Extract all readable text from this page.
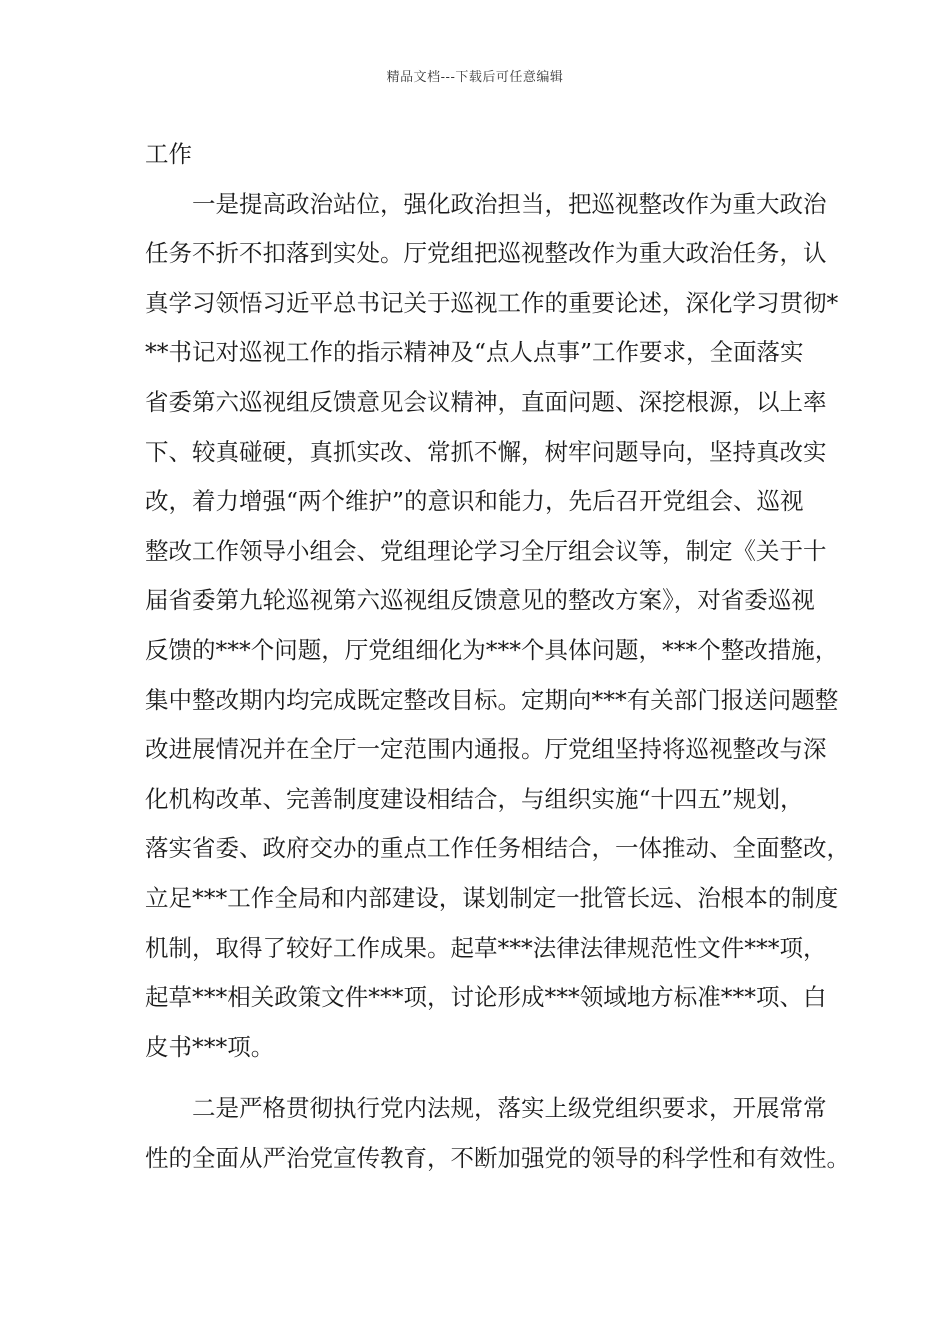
精品文档---下载后可任意编辑
工作
　　一是提高政治站位，强化政治担当，把巡视整改作为重大政治
任务不折不扣落到实处。厅党组把巡视整改作为重大政治任务，认
真学习领悟习近平总书记关于巡视工作的重要论述，深化学习贯彻*
**书记对巡视工作的指示精神及“点人点事”工作要求，全面落实
省委第六巡视组反馈意见会议精神，直面问题、深挖根源，以上率
下、较真碰硬，真抓实改、常抓不懈，树牢问题导向，坚持真改实
改，着力增强“两个维护”的意识和能力，先后召开党组会、巡视
整改工作领导小组会、党组理论学习全厅组会议等，制定《关于十
届省委第九轮巡视第六巡视组反馈意见的整改方案》，对省委巡视
反馈的***个问题，厅党组细化为***个具体问题，***个整改措施，
集中整改期内均完成既定整改目标。定期向***有关部门报送问题整
改进展情况并在全厅一定范围内通报。厅党组坚持将巡视整改与深
化机构改革、完善制度建设相结合，与组织实施“十四五”规划，
落实省委、政府交办的重点工作任务相结合，一体推动、全面整改，
立足***工作全局和内部建设，谋划制定一批管长远、治根本的制度
机制，取得了较好工作成果。起草***法律法律规范性文件***项，
起草***相关政策文件***项，讨论形成***领域地方标准***项、白
皮书***项。
　　二是严格贯彻执行党内法规，落实上级党组织要求，开展常常
性的全面从严治党宣传教育，不断加强党的领导的科学性和有效性。
